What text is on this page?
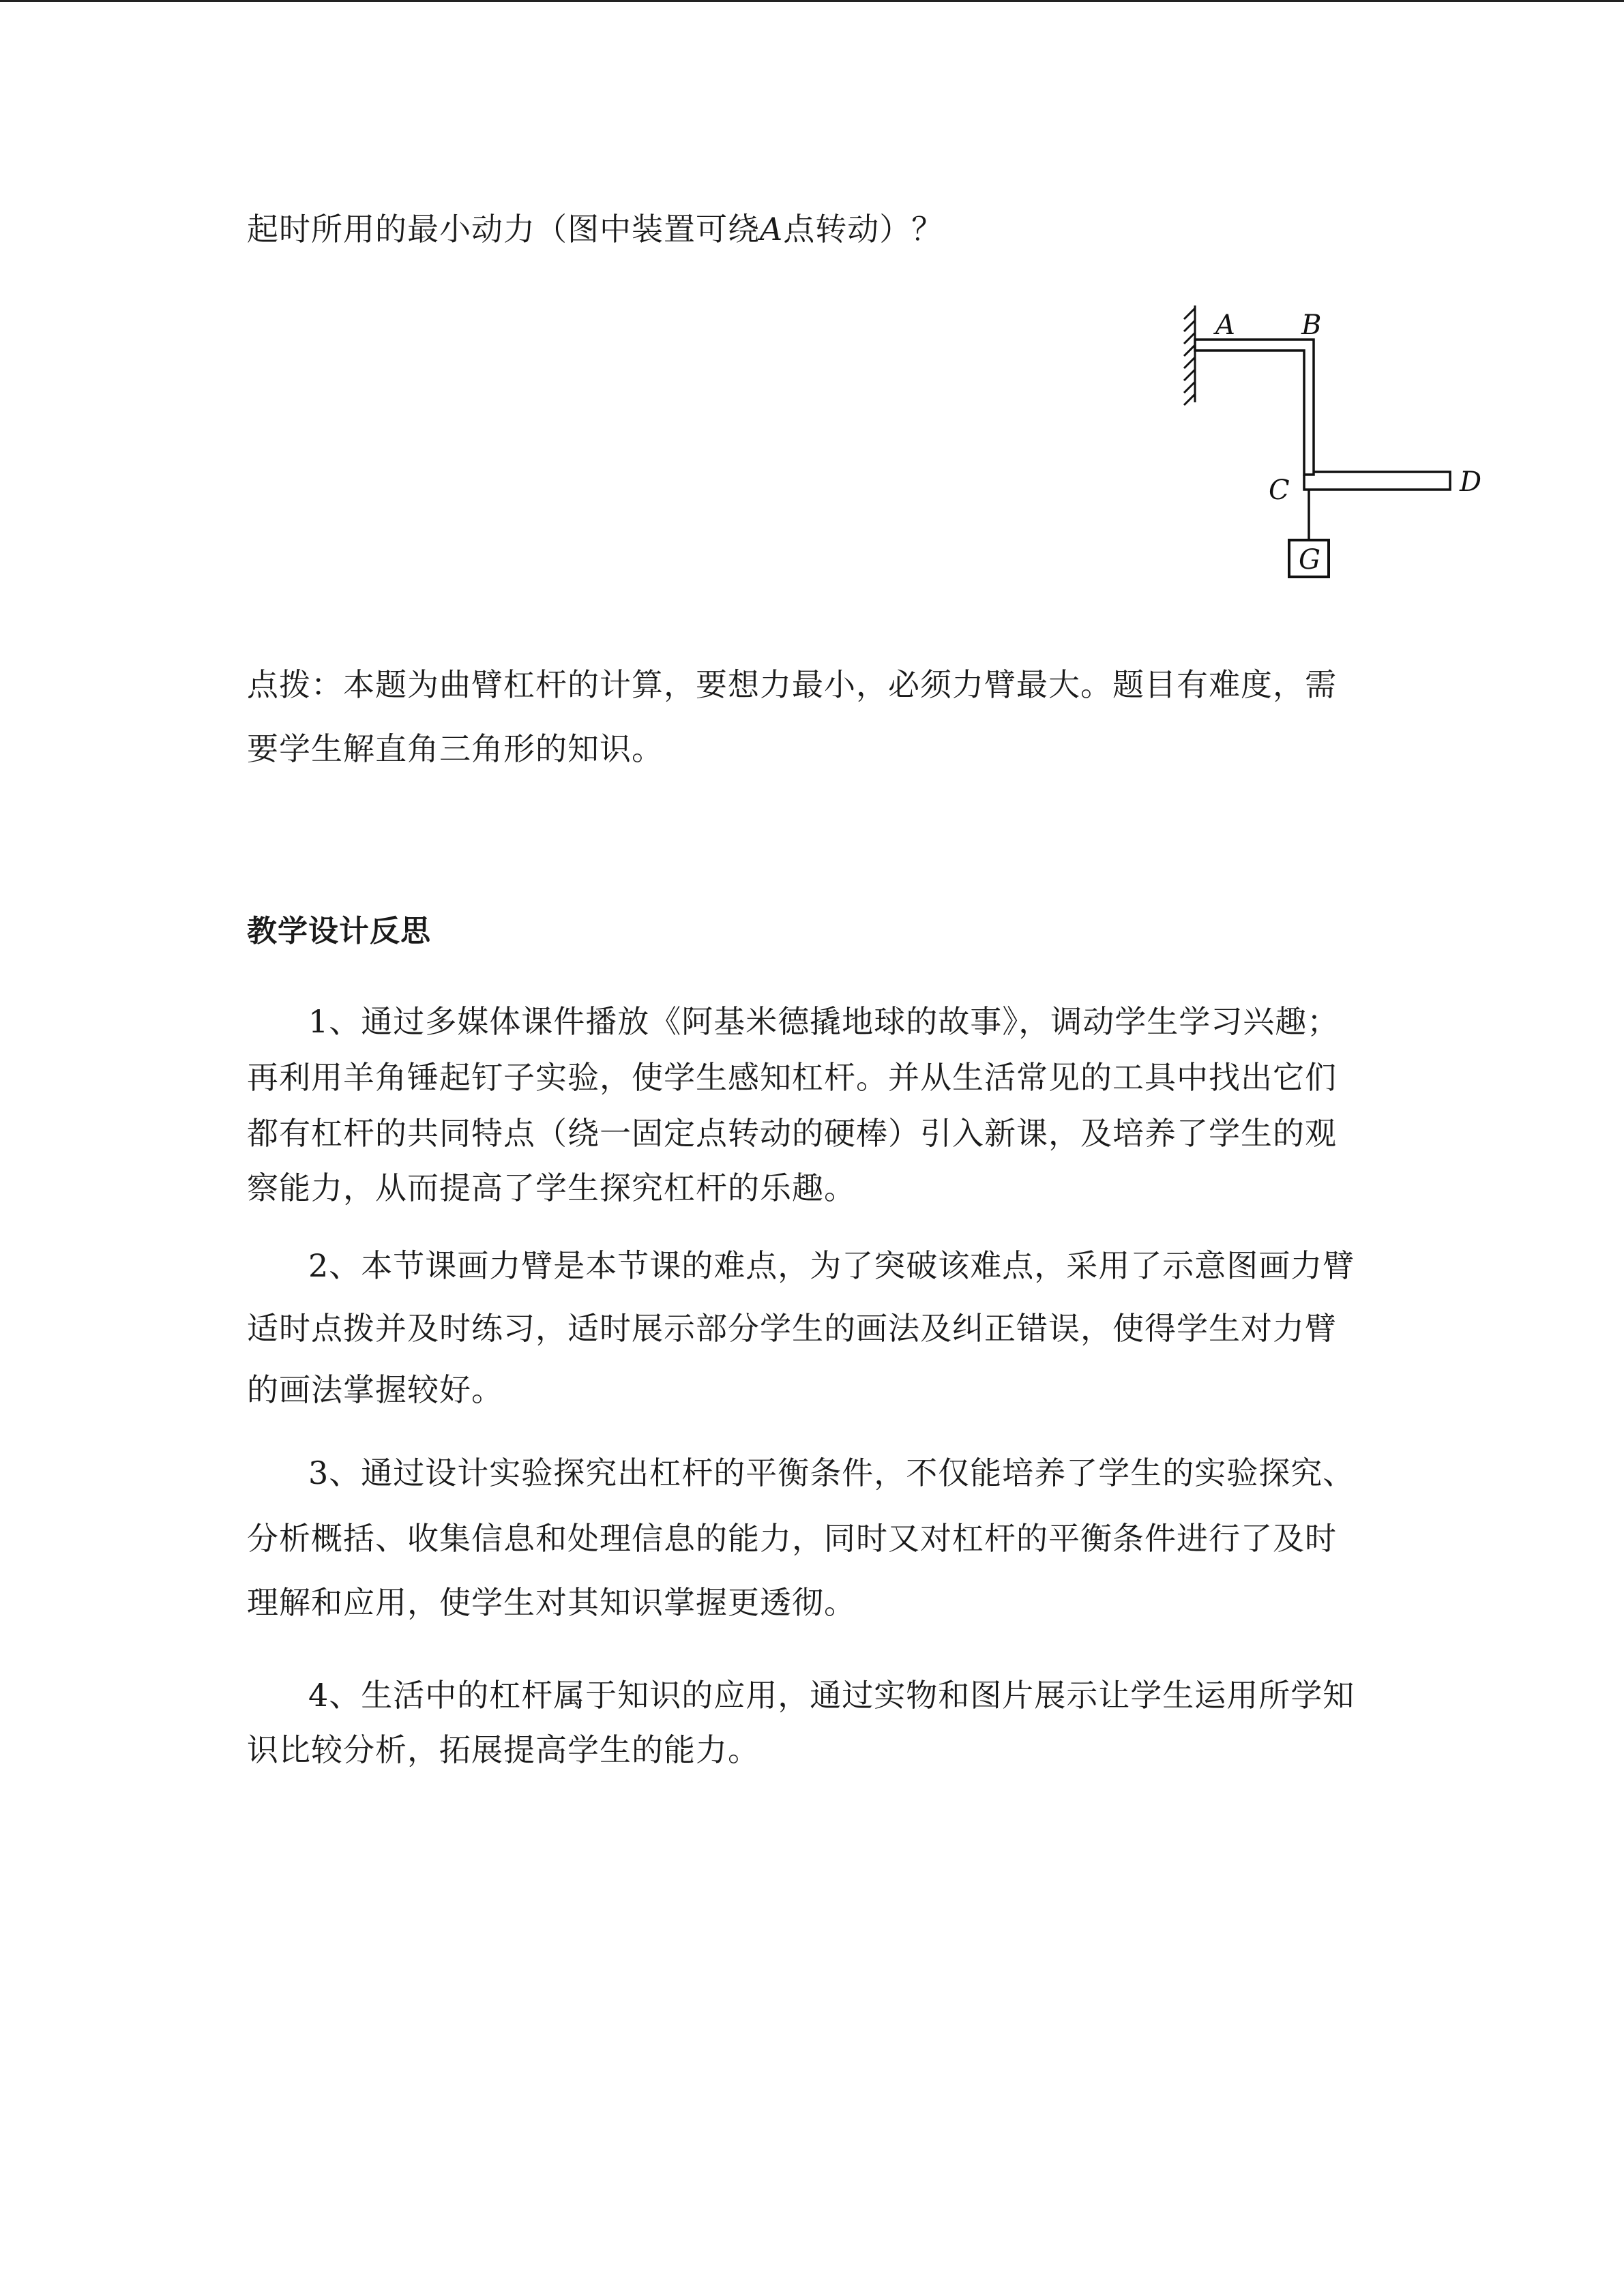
起时所用的最小动力（图中装置可绕A点转动）？
A B
C	D
G
点拨：本题为曲臂杠杆的计算，要想力最小，必须力臂最大。题目有难度，需
要学生解直角三角形的知识。
教学设计反思
1、通过多媒体课件播放《阿基米德撬地球的故事》，调动学生学习兴趣；
再利用羊角锤起钉子实验，使学生感知杠杆。并从生活常见的工具中找出它们
都有杠杆的共同特点（绕一固定点转动的硬棒）引入新课，及培养了学生的观
察能力，从而提高了学生探究杠杆的乐趣。
2、本节课画力臂是本节课的难点，为了突破该难点，采用了示意图画力臂
适时点拨并及时练习，适时展示部分学生的画法及纠正错误，使得学生对力臂
的画法掌握较好。
3、通过设计实验探究出杠杆的平衡条件，不仅能培养了学生的实验探究、
分析概括、收集信息和处理信息的能力，同时又对杠杆的平衡条件进行了及时
理解和应用，使学生对其知识掌握更透彻。
4、生活中的杠杆属于知识的应用，通过实物和图片展示让学生运用所学知
识比较分析，拓展提高学生的能力。
